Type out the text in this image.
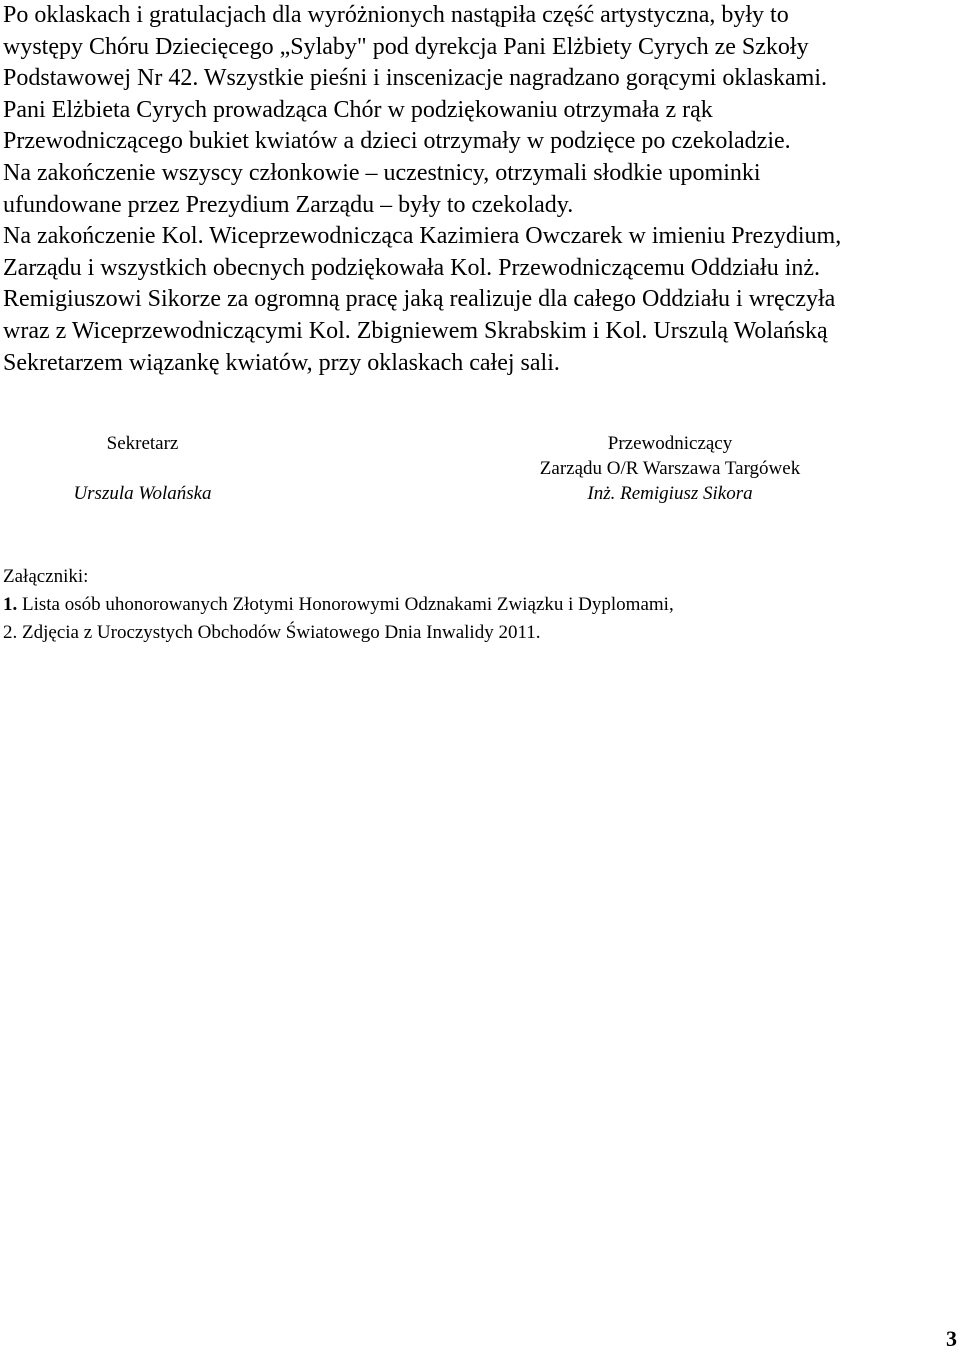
Po oklaskach i gratulacjach dla wyróżnionych nastąpiła część artystyczna, były to
występy Chóru Dziecięcego „Sylaby" pod dyrekcja Pani Elżbiety Cyrych ze Szkoły
Podstawowej Nr 42. Wszystkie pieśni i inscenizacje nagradzano gorącymi oklaskami.
Pani Elżbieta Cyrych prowadząca Chór w podziękowaniu otrzymała z rąk
Przewodniczącego bukiet kwiatów a dzieci otrzymały w podzięce po czekoladzie.
Na zakończenie wszyscy członkowie – uczestnicy, otrzymali słodkie upominki
ufundowane przez Prezydium Zarządu – były to czekolady.
Na zakończenie Kol. Wiceprzewodnicząca Kazimiera Owczarek w imieniu Prezydium,
Zarządu i wszystkich obecnych podziękowała Kol. Przewodniczącemu Oddziału inż.
Remigiuszowi Sikorze za ogromną pracę jaką realizuje dla całego Oddziału i wręczyła
wraz z Wiceprzewodniczącymi Kol. Zbigniewem Skrabskim i Kol. Urszulą Wolańską
Sekretarzem wiązankę kwiatów, przy oklaskach całej sali.
Sekretarz
Urszula Wolańska
Przewodniczący
Zarządu O/R Warszawa Targówek
Inż. Remigiusz Sikora
Załączniki:
1. Lista osób uhonorowanych Złotymi Honorowymi Odznakami Związku i Dyplomami,
2. Zdjęcia z Uroczystych Obchodów Światowego Dnia Inwalidy 2011.
3
